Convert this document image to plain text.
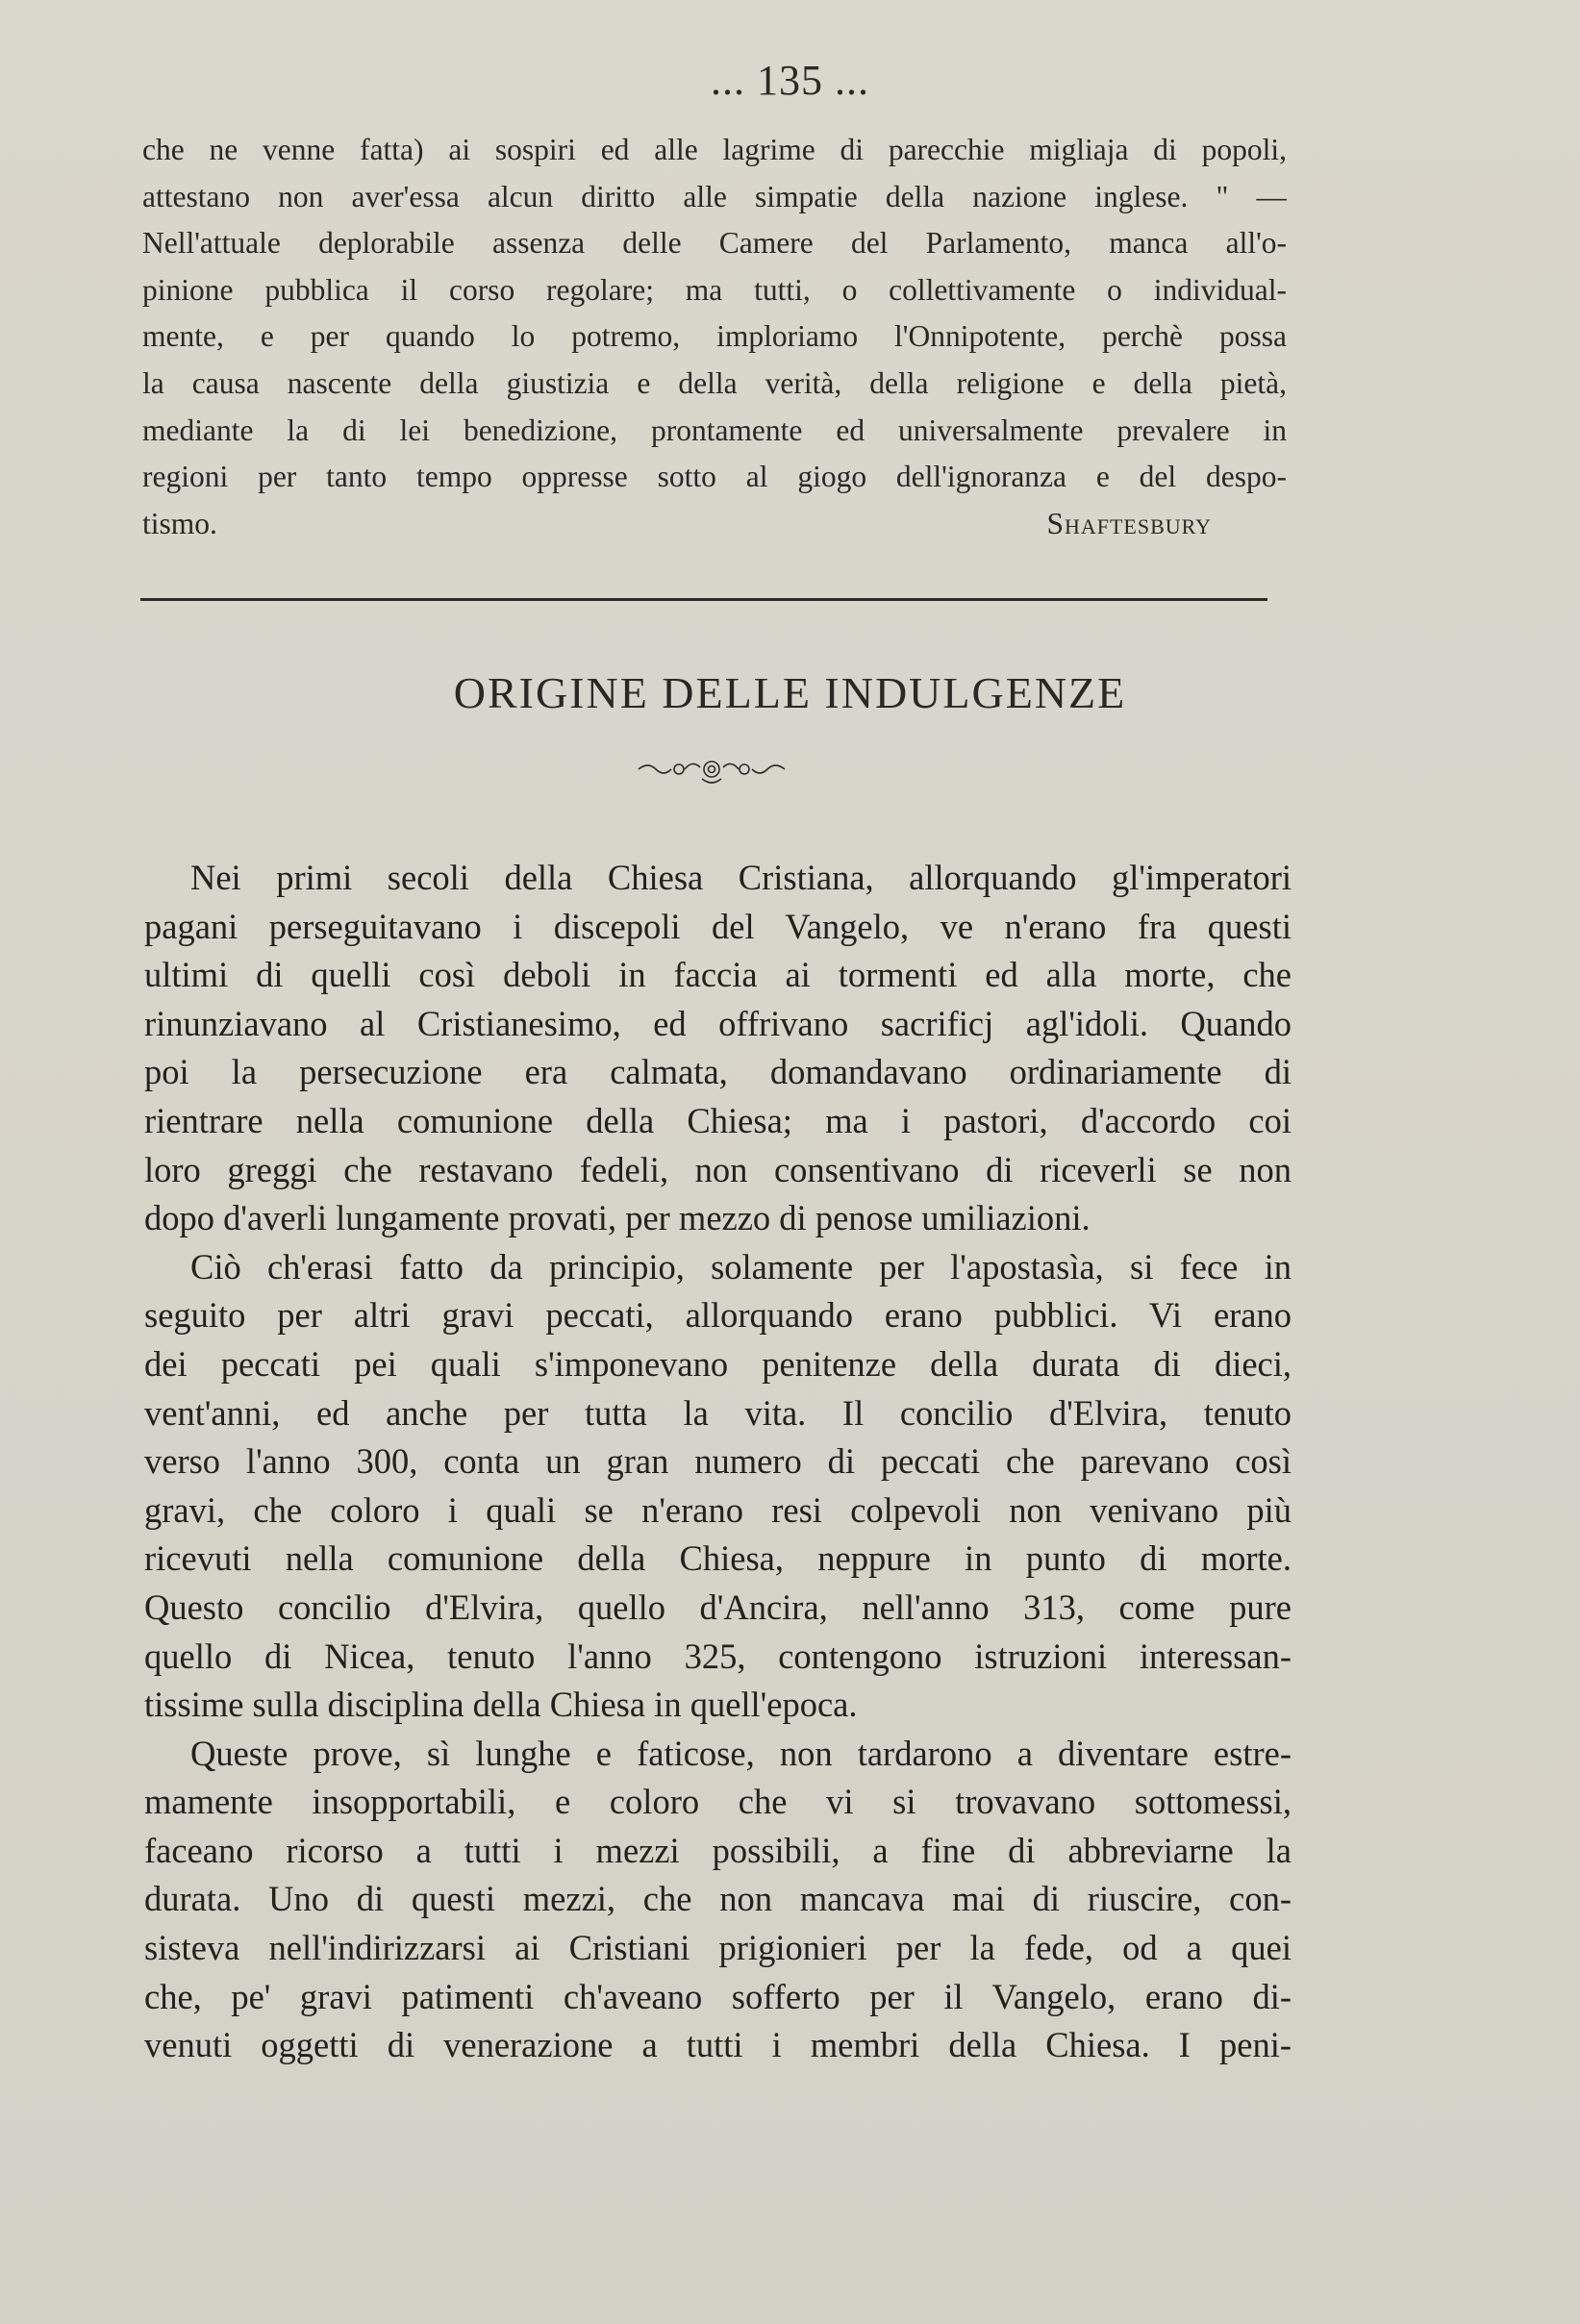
... 135 ...
che ne venne fatta) ai sospiri ed alle lagrime di parecchie migliaja di popoli,
attestano non aver'essa alcun diritto alle simpatie della nazione inglese. " —
Nell'attuale deplorabile assenza delle Camere del Parlamento, manca all'o-
pinione pubblica il corso regolare; ma tutti, o collettivamente o individual-
mente, e per quando lo potremo, imploriamo l'Onnipotente, perchè possa
la causa nascente della giustizia e della verità, della religione e della pietà,
mediante la di lei benedizione, prontamente ed universalmente prevalere in
regioni per tanto tempo oppresse sotto al giogo dell'ignoranza e del despo-
tismo.	Shaftesbury
ORIGINE DELLE INDULGENZE
Nei primi secoli della Chiesa Cristiana, allorquando gl'imperatori
pagani perseguitavano i discepoli del Vangelo, ve n'erano fra questi
ultimi di quelli così deboli in faccia ai tormenti ed alla morte, che
rinunziavano al Cristianesimo, ed offrivano sacrificj agl'idoli. Quando
poi la persecuzione era calmata, domandavano ordinariamente di
rientrare nella comunione della Chiesa; ma i pastori, d'accordo coi
loro greggi che restavano fedeli, non consentivano di riceverli se non
dopo d'averli lungamente provati, per mezzo di penose umiliazioni.
Ciò ch'erasi fatto da principio, solamente per l'apostasìa, si fece in
seguito per altri gravi peccati, allorquando erano pubblici. Vi erano
dei peccati pei quali s'imponevano penitenze della durata di dieci,
vent'anni, ed anche per tutta la vita. Il concilio d'Elvira, tenuto
verso l'anno 300, conta un gran numero di peccati che parevano così
gravi, che coloro i quali se n'erano resi colpevoli non venivano più
ricevuti nella comunione della Chiesa, neppure in punto di morte.
Questo concilio d'Elvira, quello d'Ancira, nell'anno 313, come pure
quello di Nicea, tenuto l'anno 325, contengono istruzioni interessan-
tissime sulla disciplina della Chiesa in quell'epoca.
Queste prove, sì lunghe e faticose, non tardarono a diventare estre-
mamente insopportabili, e coloro che vi si trovavano sottomessi,
faceano ricorso a tutti i mezzi possibili, a fine di abbreviarne la
durata. Uno di questi mezzi, che non mancava mai di riuscire, con-
sisteva nell'indirizzarsi ai Cristiani prigionieri per la fede, od a quei
che, pe' gravi patimenti ch'aveano sofferto per il Vangelo, erano di-
venuti oggetti di venerazione a tutti i membri della Chiesa. I peni-
